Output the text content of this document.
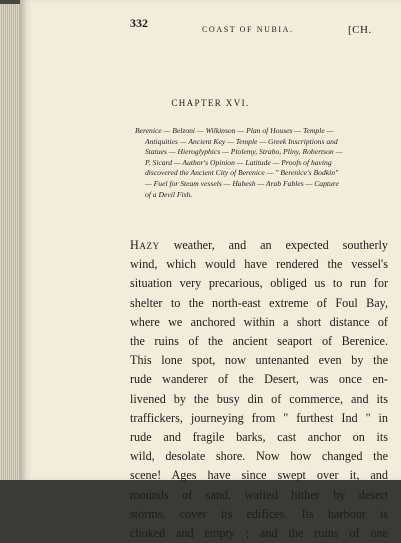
332	COAST OF NUBIA.	[CH.
CHAPTER XVI.
Berenice — Belzoni — Wilkinson — Plan of Houses — Temple —
Antiquities — Ancient Key — Temple — Greek Inscriptions and
Statues — Hieroglyphics — Ptolemy, Strabo, Pliny, Robertson —
P. Sicard — Author's Opinion — Latitude — Proofs of having
discovered the Ancient City of Berenice — " Berenice's Bodkin"
— Fuel for Steam vessels — Habesh — Arab Fables — Capture
of a Devil Fish.
Hazy weather, and an expected southerly
wind, which would have rendered the vessel's
situation very precarious, obliged us to run for
shelter to the north-east extreme of Foul Bay,
where we anchored within a short distance of
the ruins of the ancient seaport of Berenice.
This lone spot, now untenanted even by the
rude wanderer of the Desert, was once en-
livened by the busy din of commerce, and its
traffickers, journeying from " furthest Ind " in
rude and fragile barks, cast anchor on its
wild, desolate shore. Now how changed the
scene! Ages have since swept over it, and
mounds of sand, wafted hither by desert
storms, cover its edifices. Its harbour is
choked and empty ; and the ruins of one
